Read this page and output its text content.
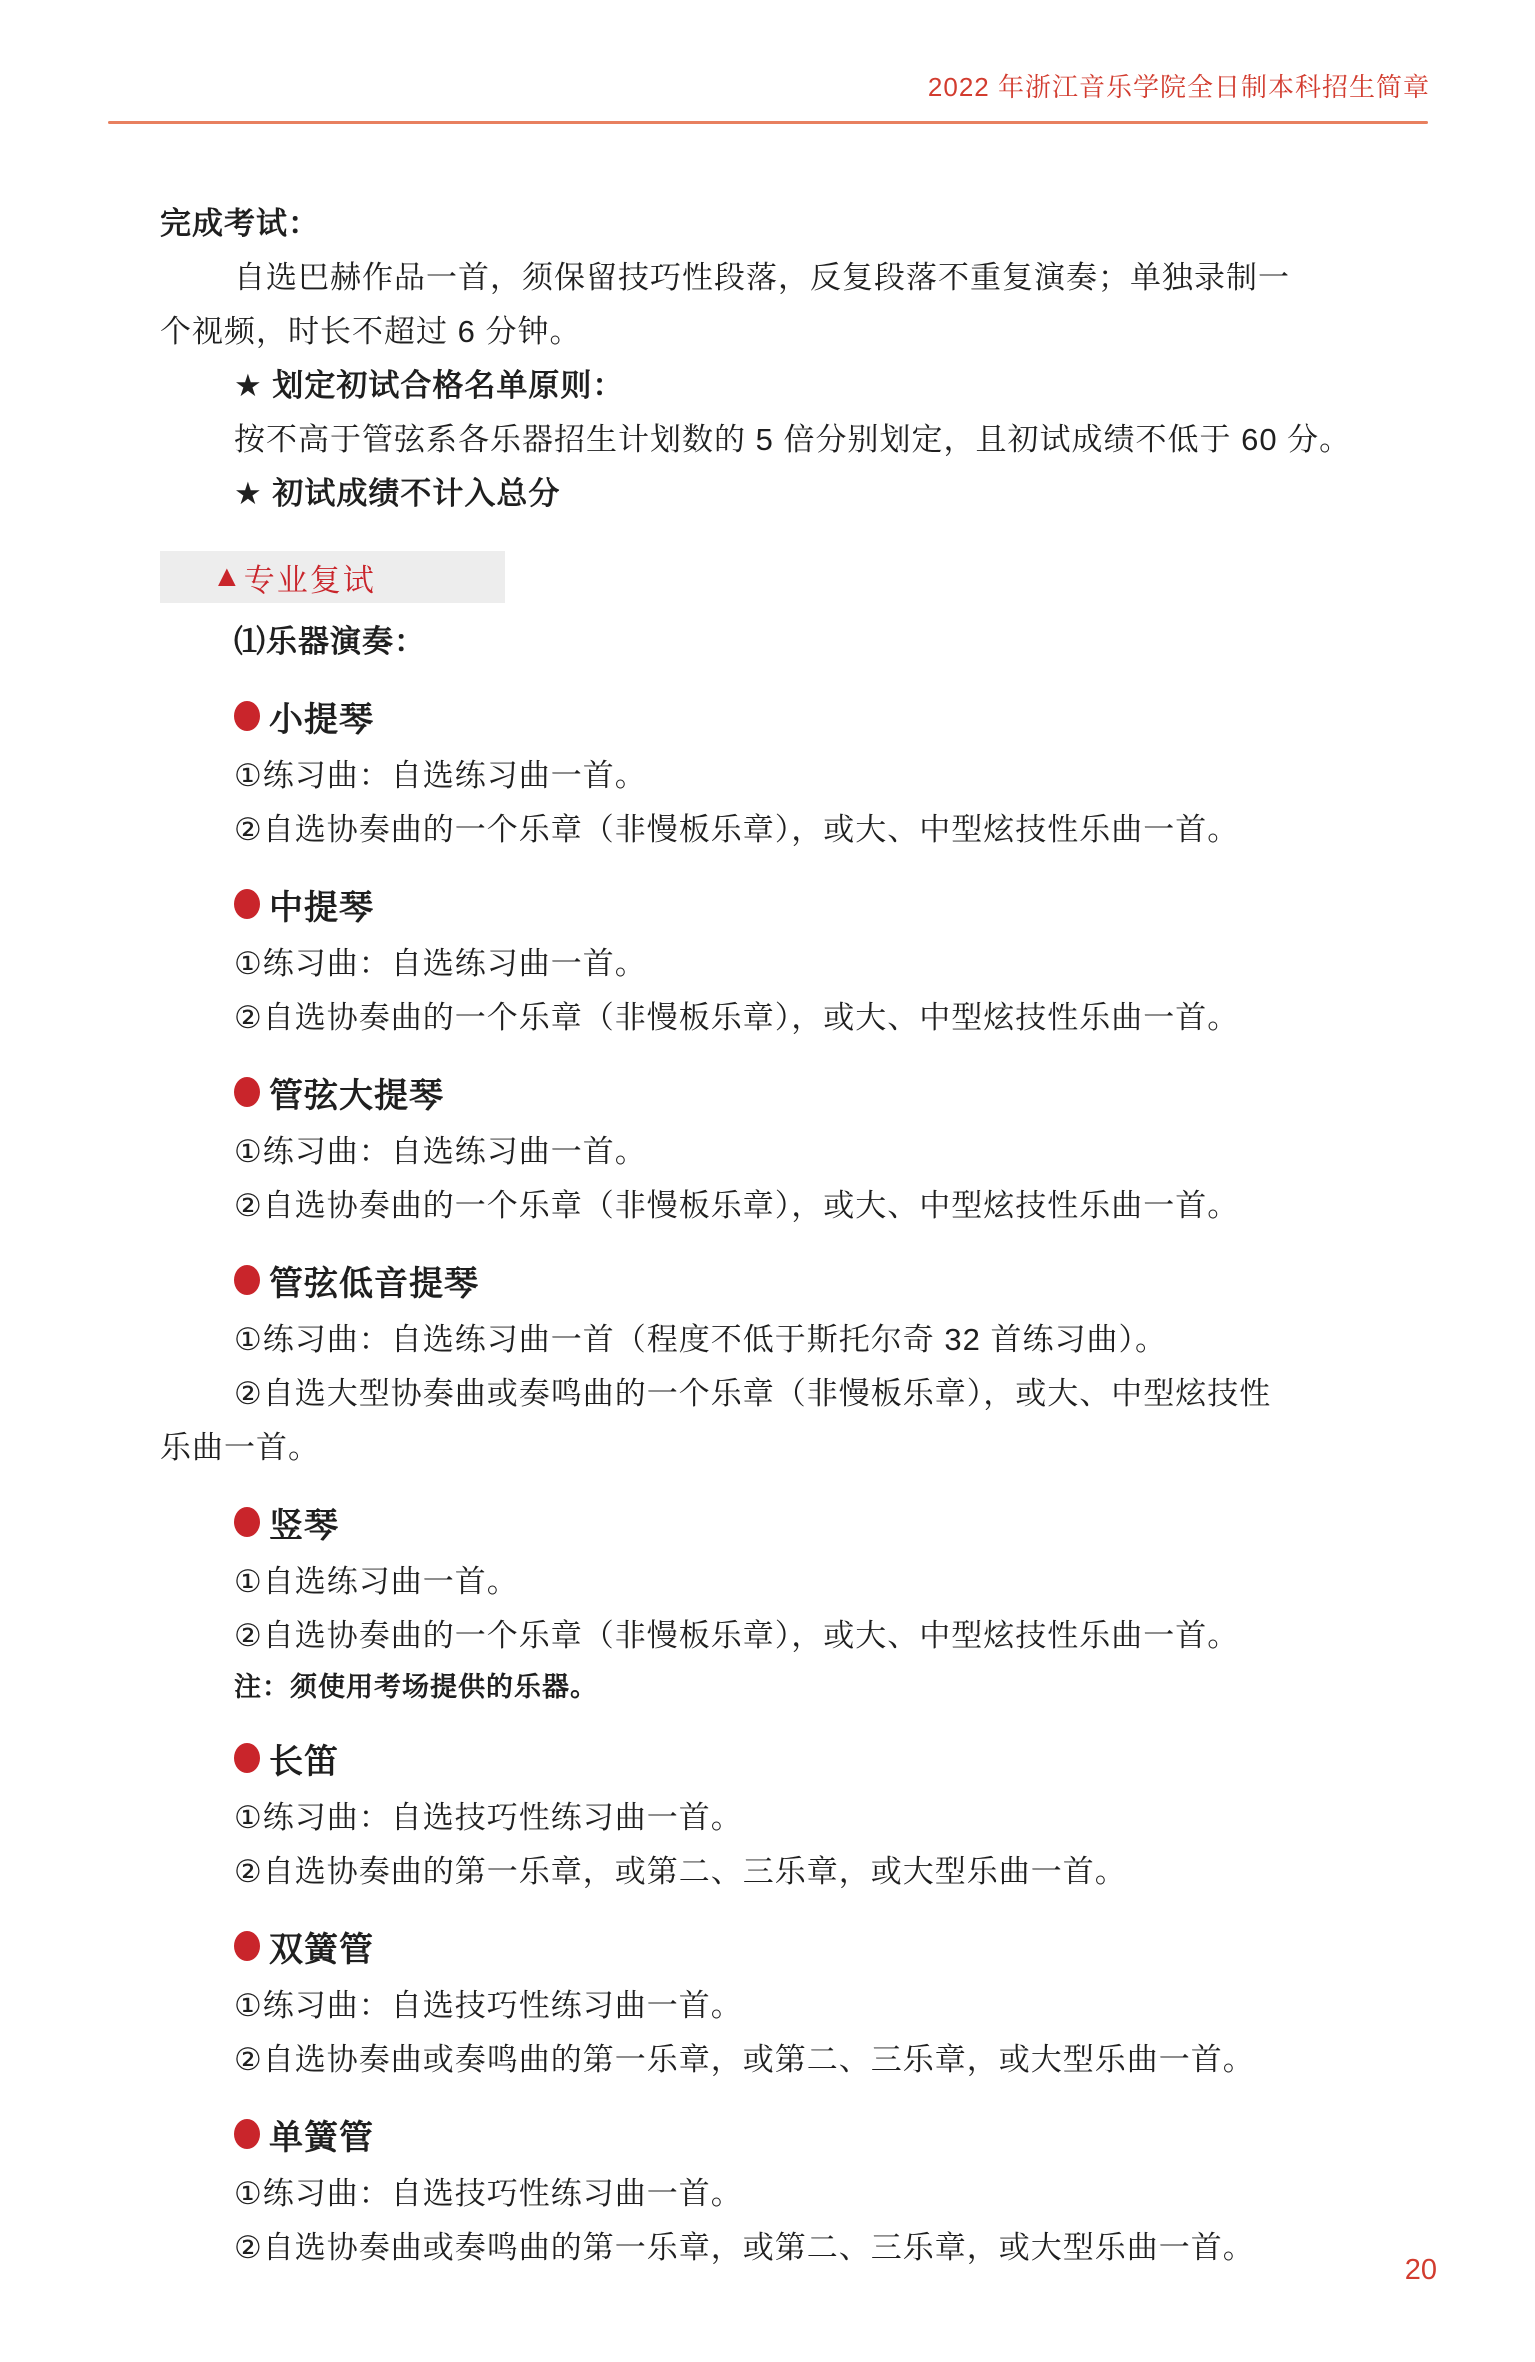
2022 年浙江音乐学院全日制本科招生简章
完成考试：
自选巴赫作品一首，须保留技巧性段落，反复段落不重复演奏；单独录制一
个视频，时长不超过 6 分钟。
★ 划定初试合格名单原则：
按不高于管弦系各乐器招生计划数的 5 倍分别划定，且初试成绩不低于 60 分。
★ 初试成绩不计入总分
▲ 专业复试
⑴乐器演奏：
小提琴
①练习曲：自选练习曲一首。
②自选协奏曲的一个乐章（非慢板乐章），或大、中型炫技性乐曲一首。
中提琴
①练习曲：自选练习曲一首。
②自选协奏曲的一个乐章（非慢板乐章），或大、中型炫技性乐曲一首。
管弦大提琴
①练习曲：自选练习曲一首。
②自选协奏曲的一个乐章（非慢板乐章），或大、中型炫技性乐曲一首。
管弦低音提琴
①练习曲：自选练习曲一首（程度不低于斯托尔奇 32 首练习曲）。
②自选大型协奏曲或奏鸣曲的一个乐章（非慢板乐章），或大、中型炫技性
乐曲一首。
竖琴
①自选练习曲一首。
②自选协奏曲的一个乐章（非慢板乐章），或大、中型炫技性乐曲一首。
注：须使用考场提供的乐器。
长笛
①练习曲：自选技巧性练习曲一首。
②自选协奏曲的第一乐章，或第二、三乐章，或大型乐曲一首。
双簧管
①练习曲：自选技巧性练习曲一首。
②自选协奏曲或奏鸣曲的第一乐章，或第二、三乐章，或大型乐曲一首。
单簧管
①练习曲：自选技巧性练习曲一首。
②自选协奏曲或奏鸣曲的第一乐章，或第二、三乐章，或大型乐曲一首。
20
